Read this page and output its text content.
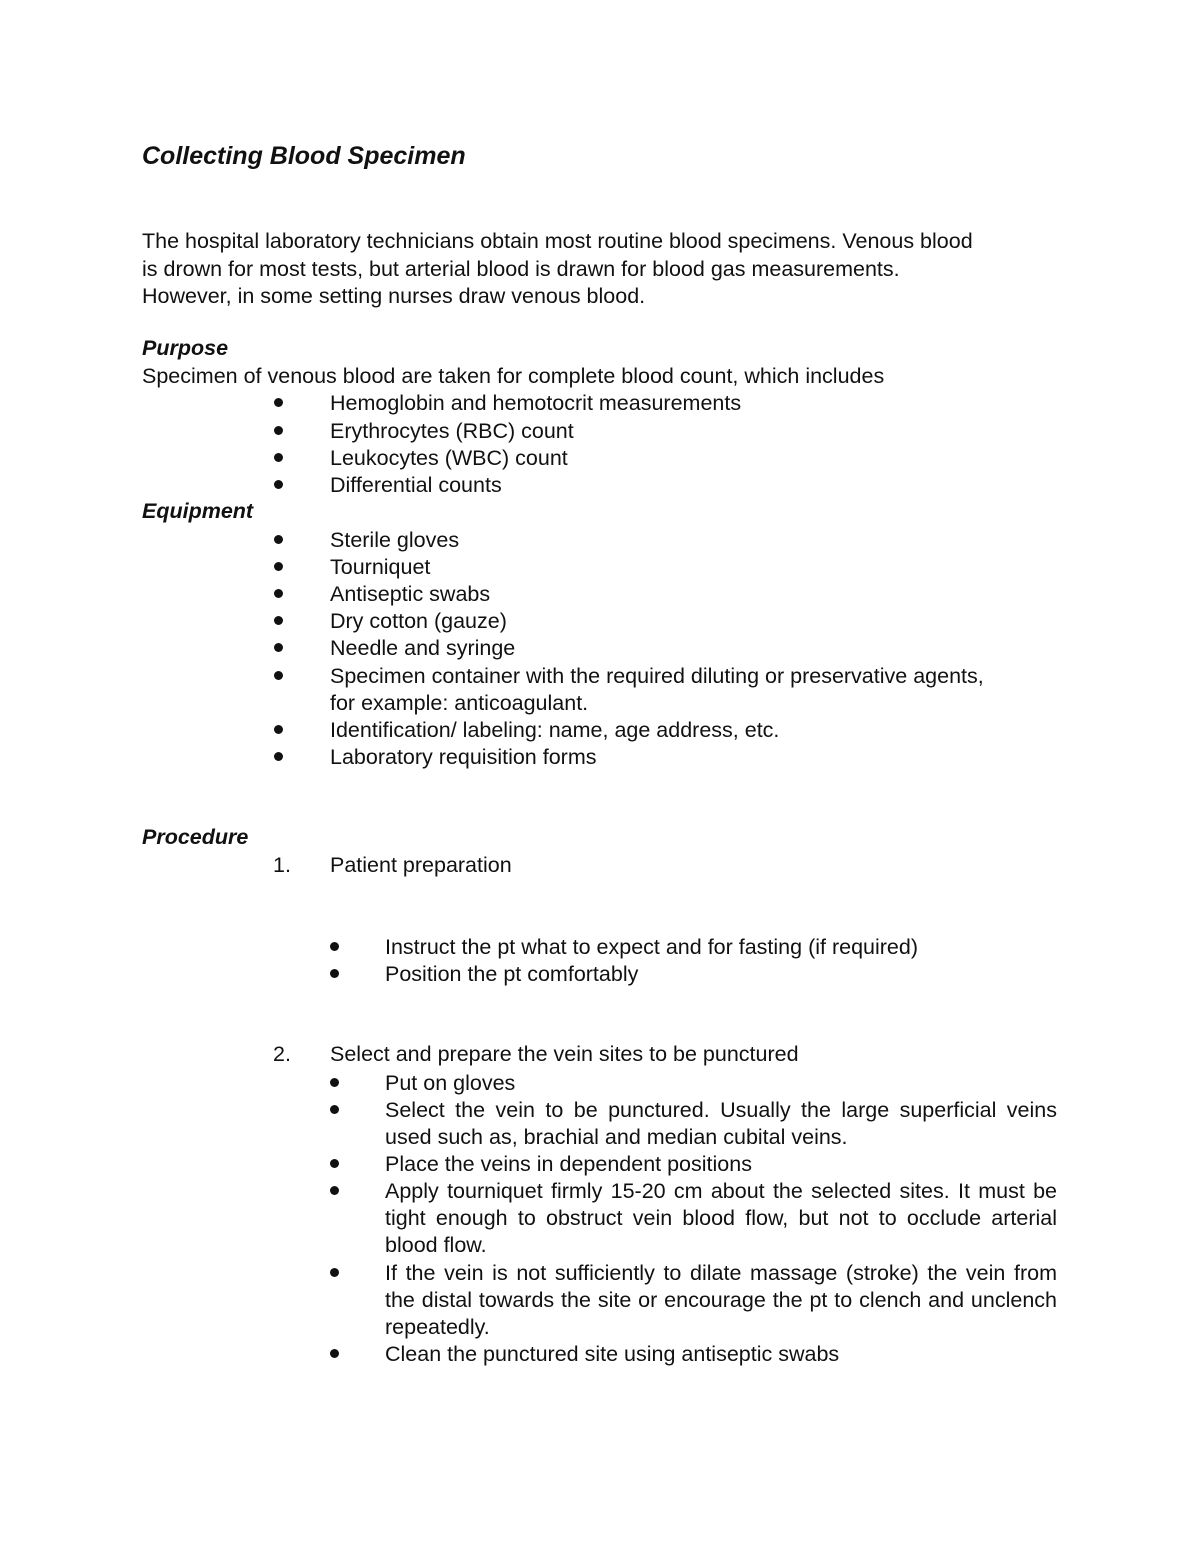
Collecting Blood Specimen
The hospital laboratory technicians obtain most routine blood specimens. Venous blood
is drown for most tests, but arterial blood is drawn for blood gas measurements.
However, in some setting nurses draw venous blood.
Purpose
Specimen of venous blood are taken for complete blood count, which includes
Hemoglobin and hemotocrit measurements
Erythrocytes (RBC) count
Leukocytes (WBC) count
Differential counts
Equipment
Sterile gloves
Tourniquet
Antiseptic swabs
Dry cotton (gauze)
Needle and syringe
Specimen container with the required diluting or preservative agents,
for example: anticoagulant.
Identification/ labeling: name, age address, etc.
Laboratory requisition forms
Procedure
1. Patient preparation
Instruct the pt what to expect and for fasting (if required)
Position the pt comfortably
2. Select and prepare the vein sites to be punctured
Put on gloves
Select the vein to be punctured. Usually the large superficial veins used such as, brachial and median cubital veins.
Place the veins in dependent positions
Apply tourniquet firmly 15-20 cm about the selected sites. It must be tight enough to obstruct vein blood flow, but not to occlude arterial blood flow.
If the vein is not sufficiently to dilate massage (stroke) the vein from the distal towards the site or encourage the pt to clench and unclench repeatedly.
Clean the punctured site using antiseptic swabs
